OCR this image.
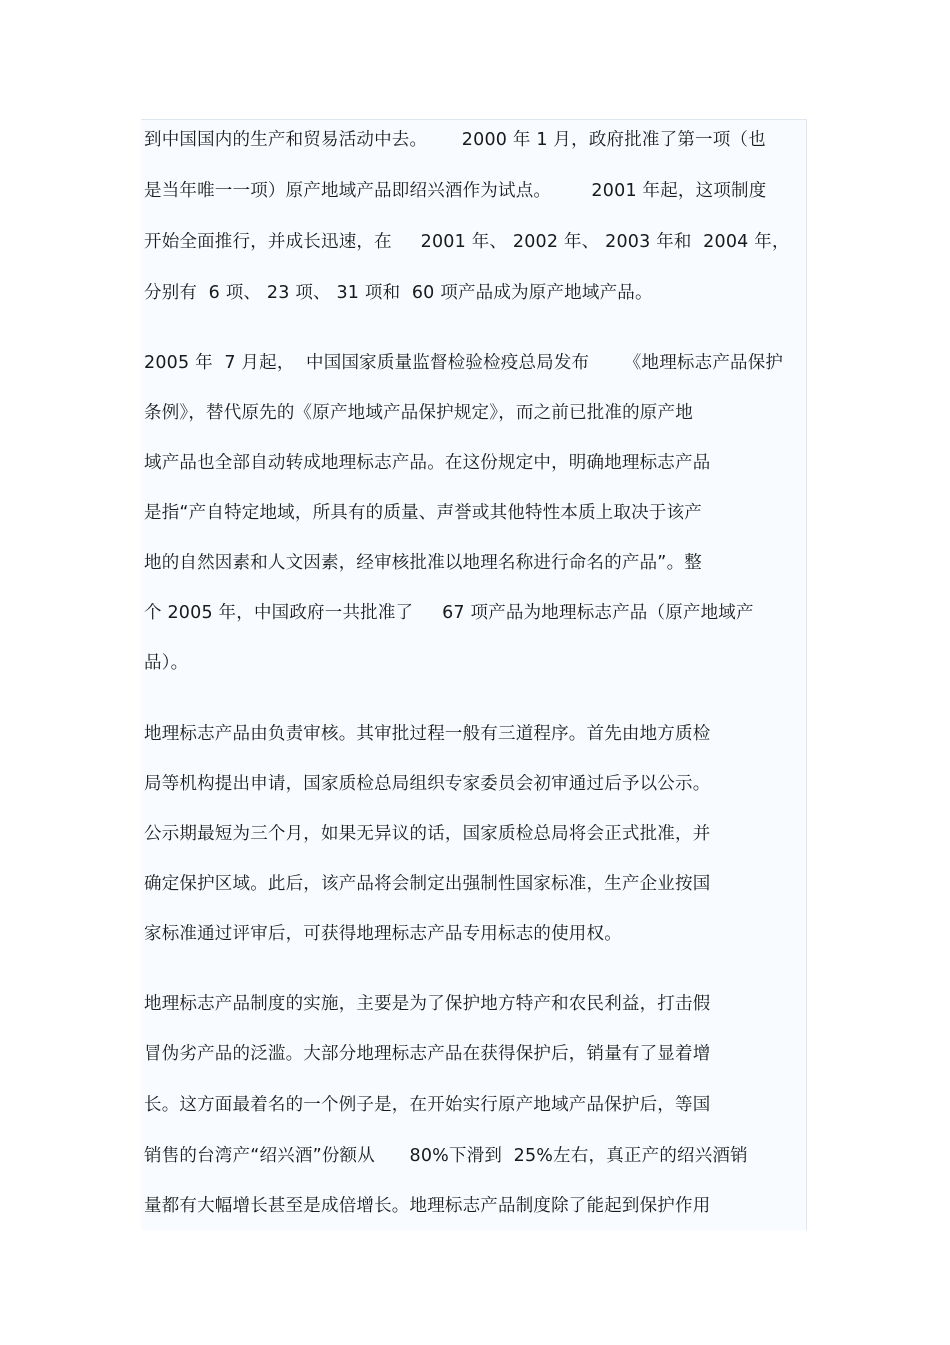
到中国国内的生产和贸易活动中去。      2000 年 1 月，政府批准了第一项（也
是当年唯一一项）原产地域产品即绍兴酒作为试点。       2001 年起，这项制度
开始全面推行，并成长迅速，在     2001 年、 2002 年、 2003 年和  2004 年，
分别有  6 项、 23 项、 31 项和  60 项产品成为原产地域产品。
2005 年  7 月起，  中国国家质量监督检验检疫总局发布      《地理标志产品保护
条例》，替代原先的《原产地域产品保护规定》，而之前已批准的原产地
域产品也全部自动转成地理标志产品。在这份规定中，明确地理标志产品
是指“产自特定地域，所具有的质量、声誉或其他特性本质上取决于该产
地的自然因素和人文因素，经审核批准以地理名称进行命名的产品”。整
个 2005 年，中国政府一共批准了     67 项产品为地理标志产品（原产地域产
品）。
地理标志产品由负责审核。其审批过程一般有三道程序。首先由地方质检
局等机构提出申请，国家质检总局组织专家委员会初审通过后予以公示。
公示期最短为三个月，如果无异议的话，国家质检总局将会正式批准，并
确定保护区域。此后，该产品将会制定出强制性国家标准，生产企业按国
家标准通过评审后，可获得地理标志产品专用标志的使用权。
地理标志产品制度的实施，主要是为了保护地方特产和农民利益，打击假
冒伪劣产品的泛滥。大部分地理标志产品在获得保护后，销量有了显着增
长。这方面最着名的一个例子是，在开始实行原产地域产品保护后，等国
销售的台湾产“绍兴酒”份额从      80%下滑到  25%左右，真正产的绍兴酒销
量都有大幅增长甚至是成倍增长。地理标志产品制度除了能起到保护作用
